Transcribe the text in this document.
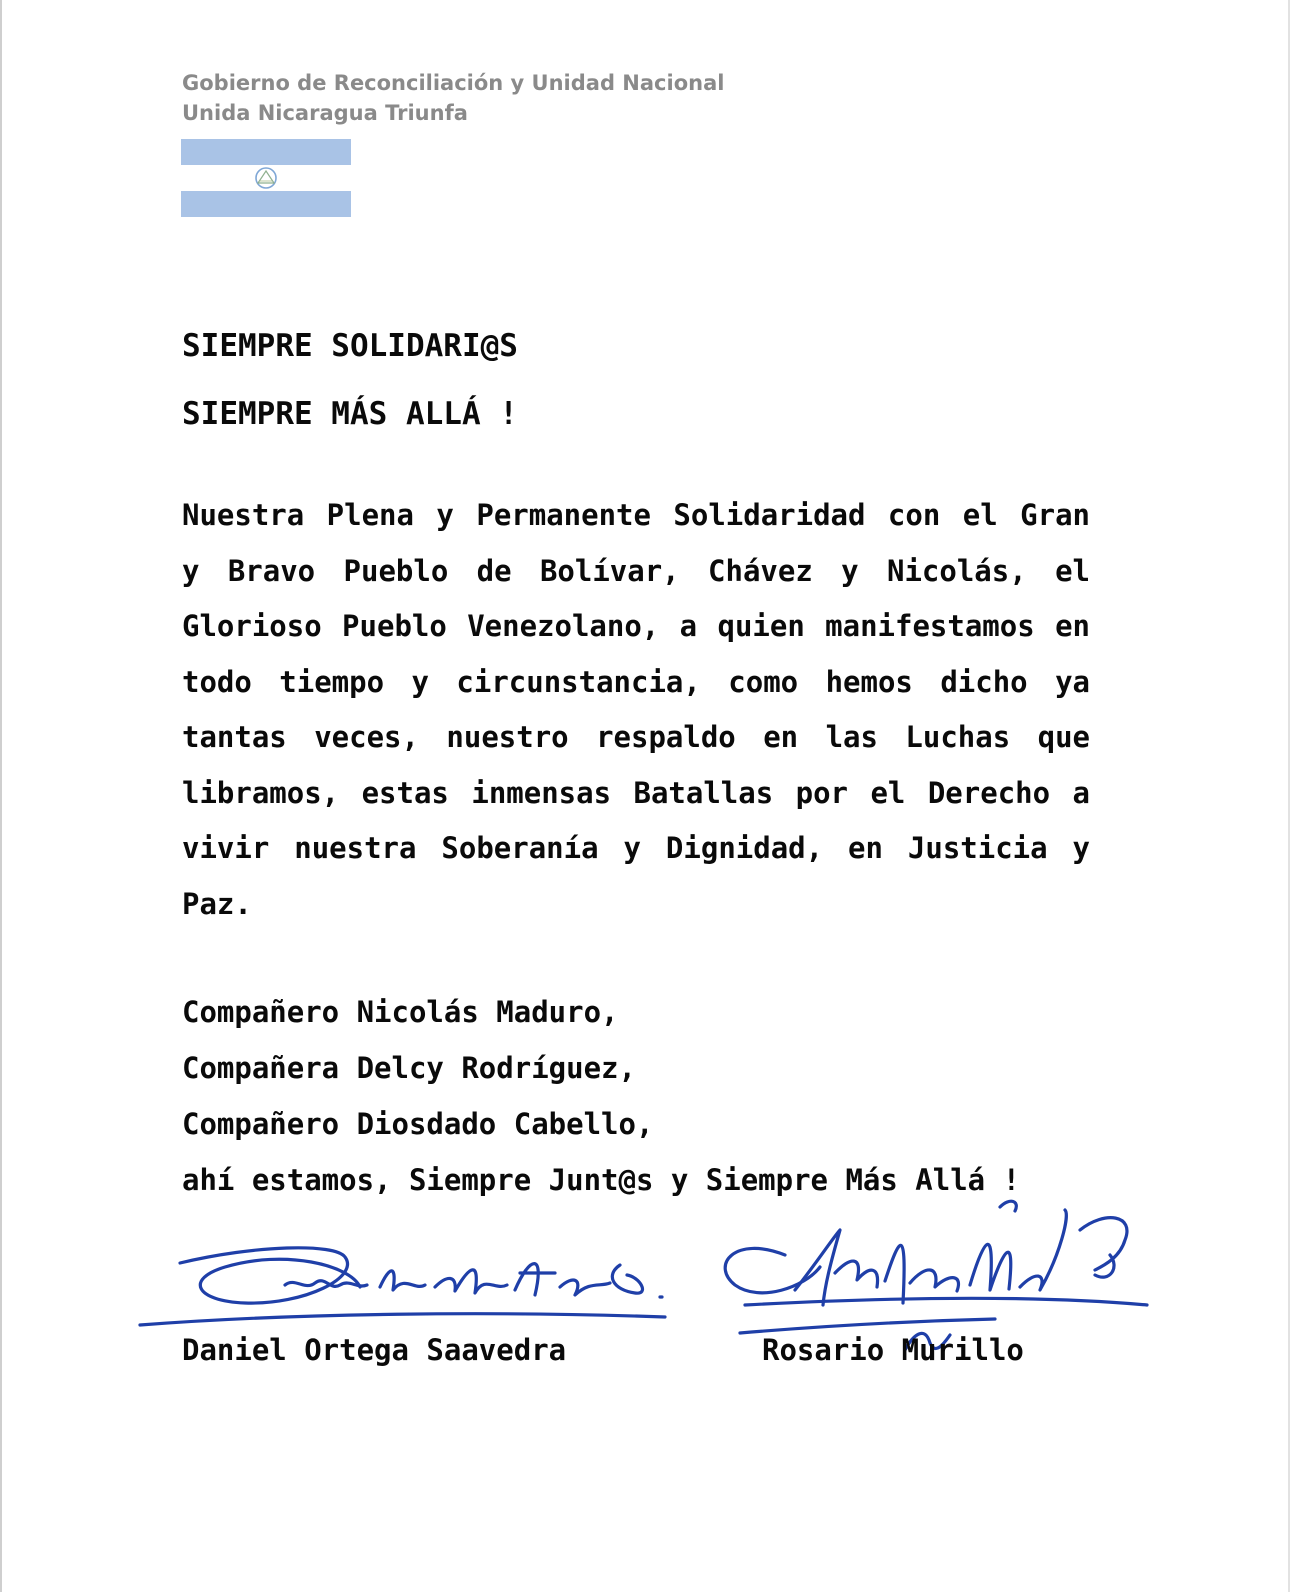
Gobierno de Reconciliación y Unidad Nacional
Unida Nicaragua Triunfa
SIEMPRE SOLIDARI@S
SIEMPRE MÁS ALLÁ !

Nuestra Plena y Permanente Solidaridad con el Gran y Bravo Pueblo de Bolívar, Chávez y Nicolás, el Glorioso Pueblo Venezolano, a quien manifestamos en todo tiempo y circunstancia, como hemos dicho ya tantas veces, nuestro respaldo en las Luchas que libramos, estas inmensas Batallas por el Derecho a vivir nuestra Soberanía y Dignidad, en Justicia y Paz.

Compañero Nicolás Maduro,
Compañera Delcy Rodríguez,
Compañero Diosdado Cabello,
ahí estamos, Siempre Junt@s y Siempre Más Allá !
Daniel Ortega Saavedra	Rosario Murillo
